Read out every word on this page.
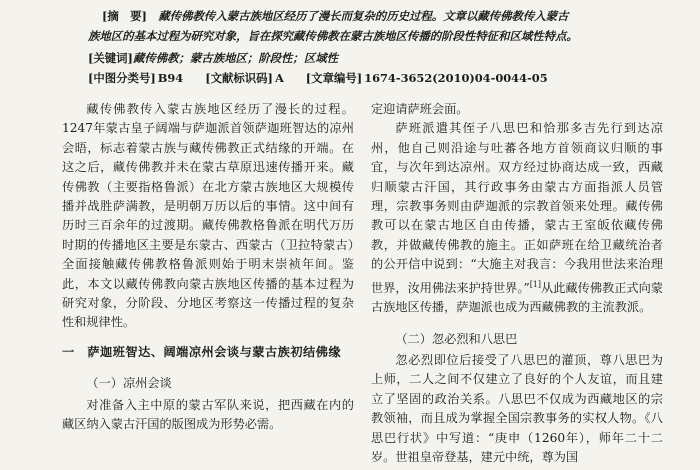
[摘　要]　 藏传佛教传入蒙古族地区经历了漫长而复杂的历史过程。文章以藏传佛教传入蒙古
族地区的基本过程为研究对象，旨在探究藏传佛教在蒙古族地区传播的阶段性特征和区域性特点。
[关键词]藏传佛教；蒙古族地区；阶段性；区域性
[中图分类号] B94 [文献标识码] A [文章编号] 1674-3652(2010)04-0044-05

藏传佛教传入蒙古族地区经历了漫长的过程。1247年蒙古皇子阔端与萨迦派首领萨迦班智达的凉州会晤，标志着蒙古族与藏传佛教正式结缘的开端。在这之后，藏传佛教并未在蒙古草原迅速传播开来。藏传佛教（主要指格鲁派）在北方蒙古族地区大规模传播并战胜萨满教，是明朝万历以后的事情。这中间有历时三百余年的过渡期。藏传佛教格鲁派在明代万历时期的传播地区主要是东蒙古、西蒙古（卫拉特蒙古）全面接触藏传佛教格鲁派则始于明末崇祯年间。鉴此，本文以藏传佛教向蒙古族地区传播的基本过程为研究对象，分阶段、分地区考察这一传播过程的复杂性和规律性。

一　萨迦班智达、阔端凉州会谈与蒙古族初结佛缘
（一）凉州会谈

对准备入主中原的蒙古军队来说，把西藏在内的藏区纳入蒙古汗国的版图成为形势必需。

定迎请萨班会面。

萨班派遣其侄子八思巴和恰那多吉先行到达凉州，他自己则沿途与吐蕃各地方首领商议归顺的事宜，与次年到达凉州。双方经过协商达成一致，西藏归顺蒙古汗国，其行政事务由蒙古方面指派人员管理，宗教事务则由萨迦派的宗教首领来处理。藏传佛教可以在蒙古地区自由传播，蒙古王室皈依藏传佛教，并做藏传佛教的施主。正如萨班在给卫藏统治者的公开信中说到：“大施主对我言：今我用世法来治理世界，汝用佛法来护持世界。”[1]从此藏传佛教正式向蒙古族地区传播，萨迦派也成为西藏佛教的主流教派。

（二）忽必烈和八思巴

忽必烈即位后接受了八思巴的灌顶，尊八思巴为上师，二人之间不仅建立了良好的个人友谊，而且建立了坚固的政治关系。八思巴不仅成为西藏地区的宗教领袖，而且成为掌握全国宗教事务的实权人物。《八思巴行状》中写道：“庚申（1260年），师年二十二岁。世祖皇帝登基，建元中统，尊为国
